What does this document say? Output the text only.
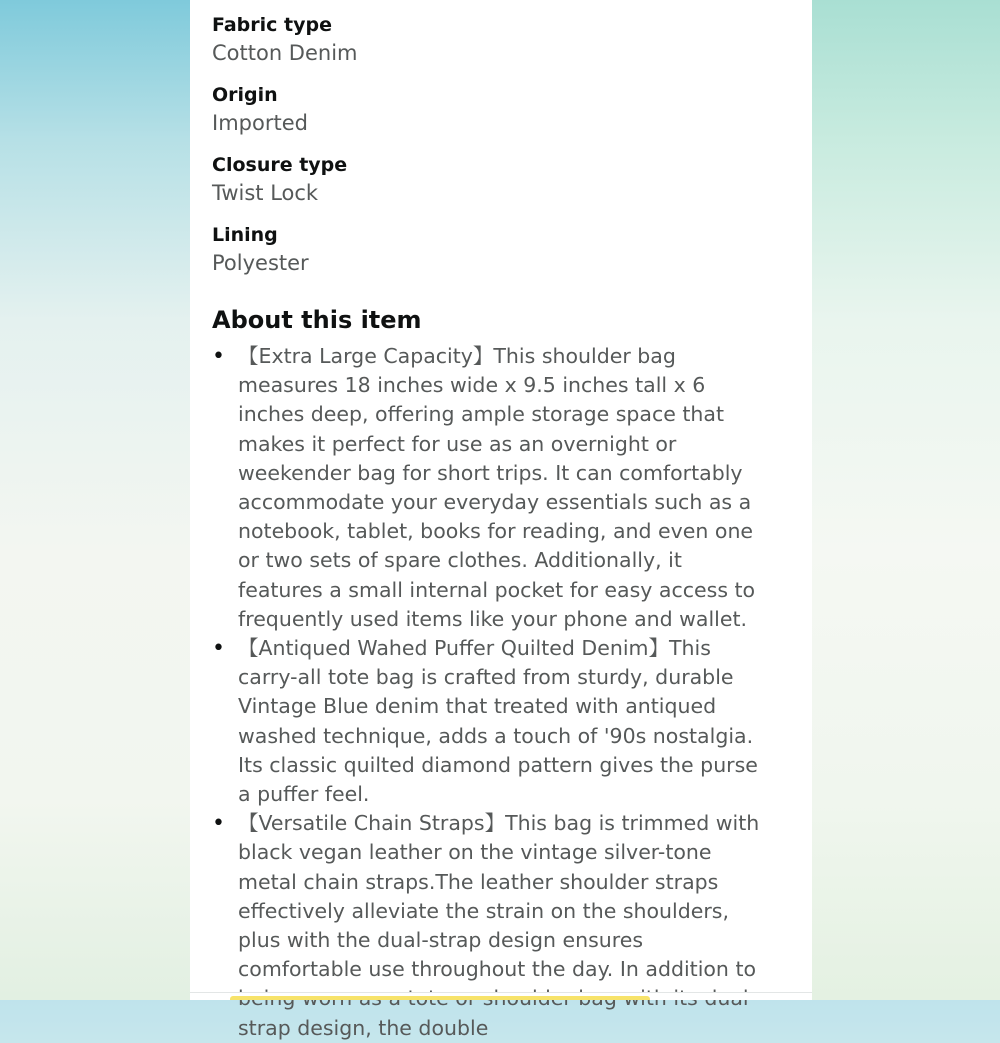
Fabric type
Cotton Denim
Origin
Imported
Closure type
Twist Lock
Lining
Polyester
About this item
• 【Extra Large Capacity】This shoulder bag measures 18 inches wide x 9.5 inches tall x 6 inches deep, offering ample storage space that makes it perfect for use as an overnight or weekender bag for short trips. It can comfortably accommodate your everyday essentials such as a notebook, tablet, books for reading, and even one or two sets of spare clothes. Additionally, it features a small internal pocket for easy access to frequently used items like your phone and wallet.
• 【Antiqued Wahed Puffer Quilted Denim】This carry-all tote bag is crafted from sturdy, durable Vintage Blue denim that treated with antiqued washed technique, adds a touch of '90s nostalgia. Its classic quilted diamond pattern gives the purse a puffer feel.
• 【Versatile Chain Straps】This bag is trimmed with black vegan leather on the vintage silver-tone metal chain straps.The leather shoulder straps effectively alleviate the strain on the shoulders, plus with the dual-strap design ensures comfortable use throughout the day. In addition to strap design, the double
